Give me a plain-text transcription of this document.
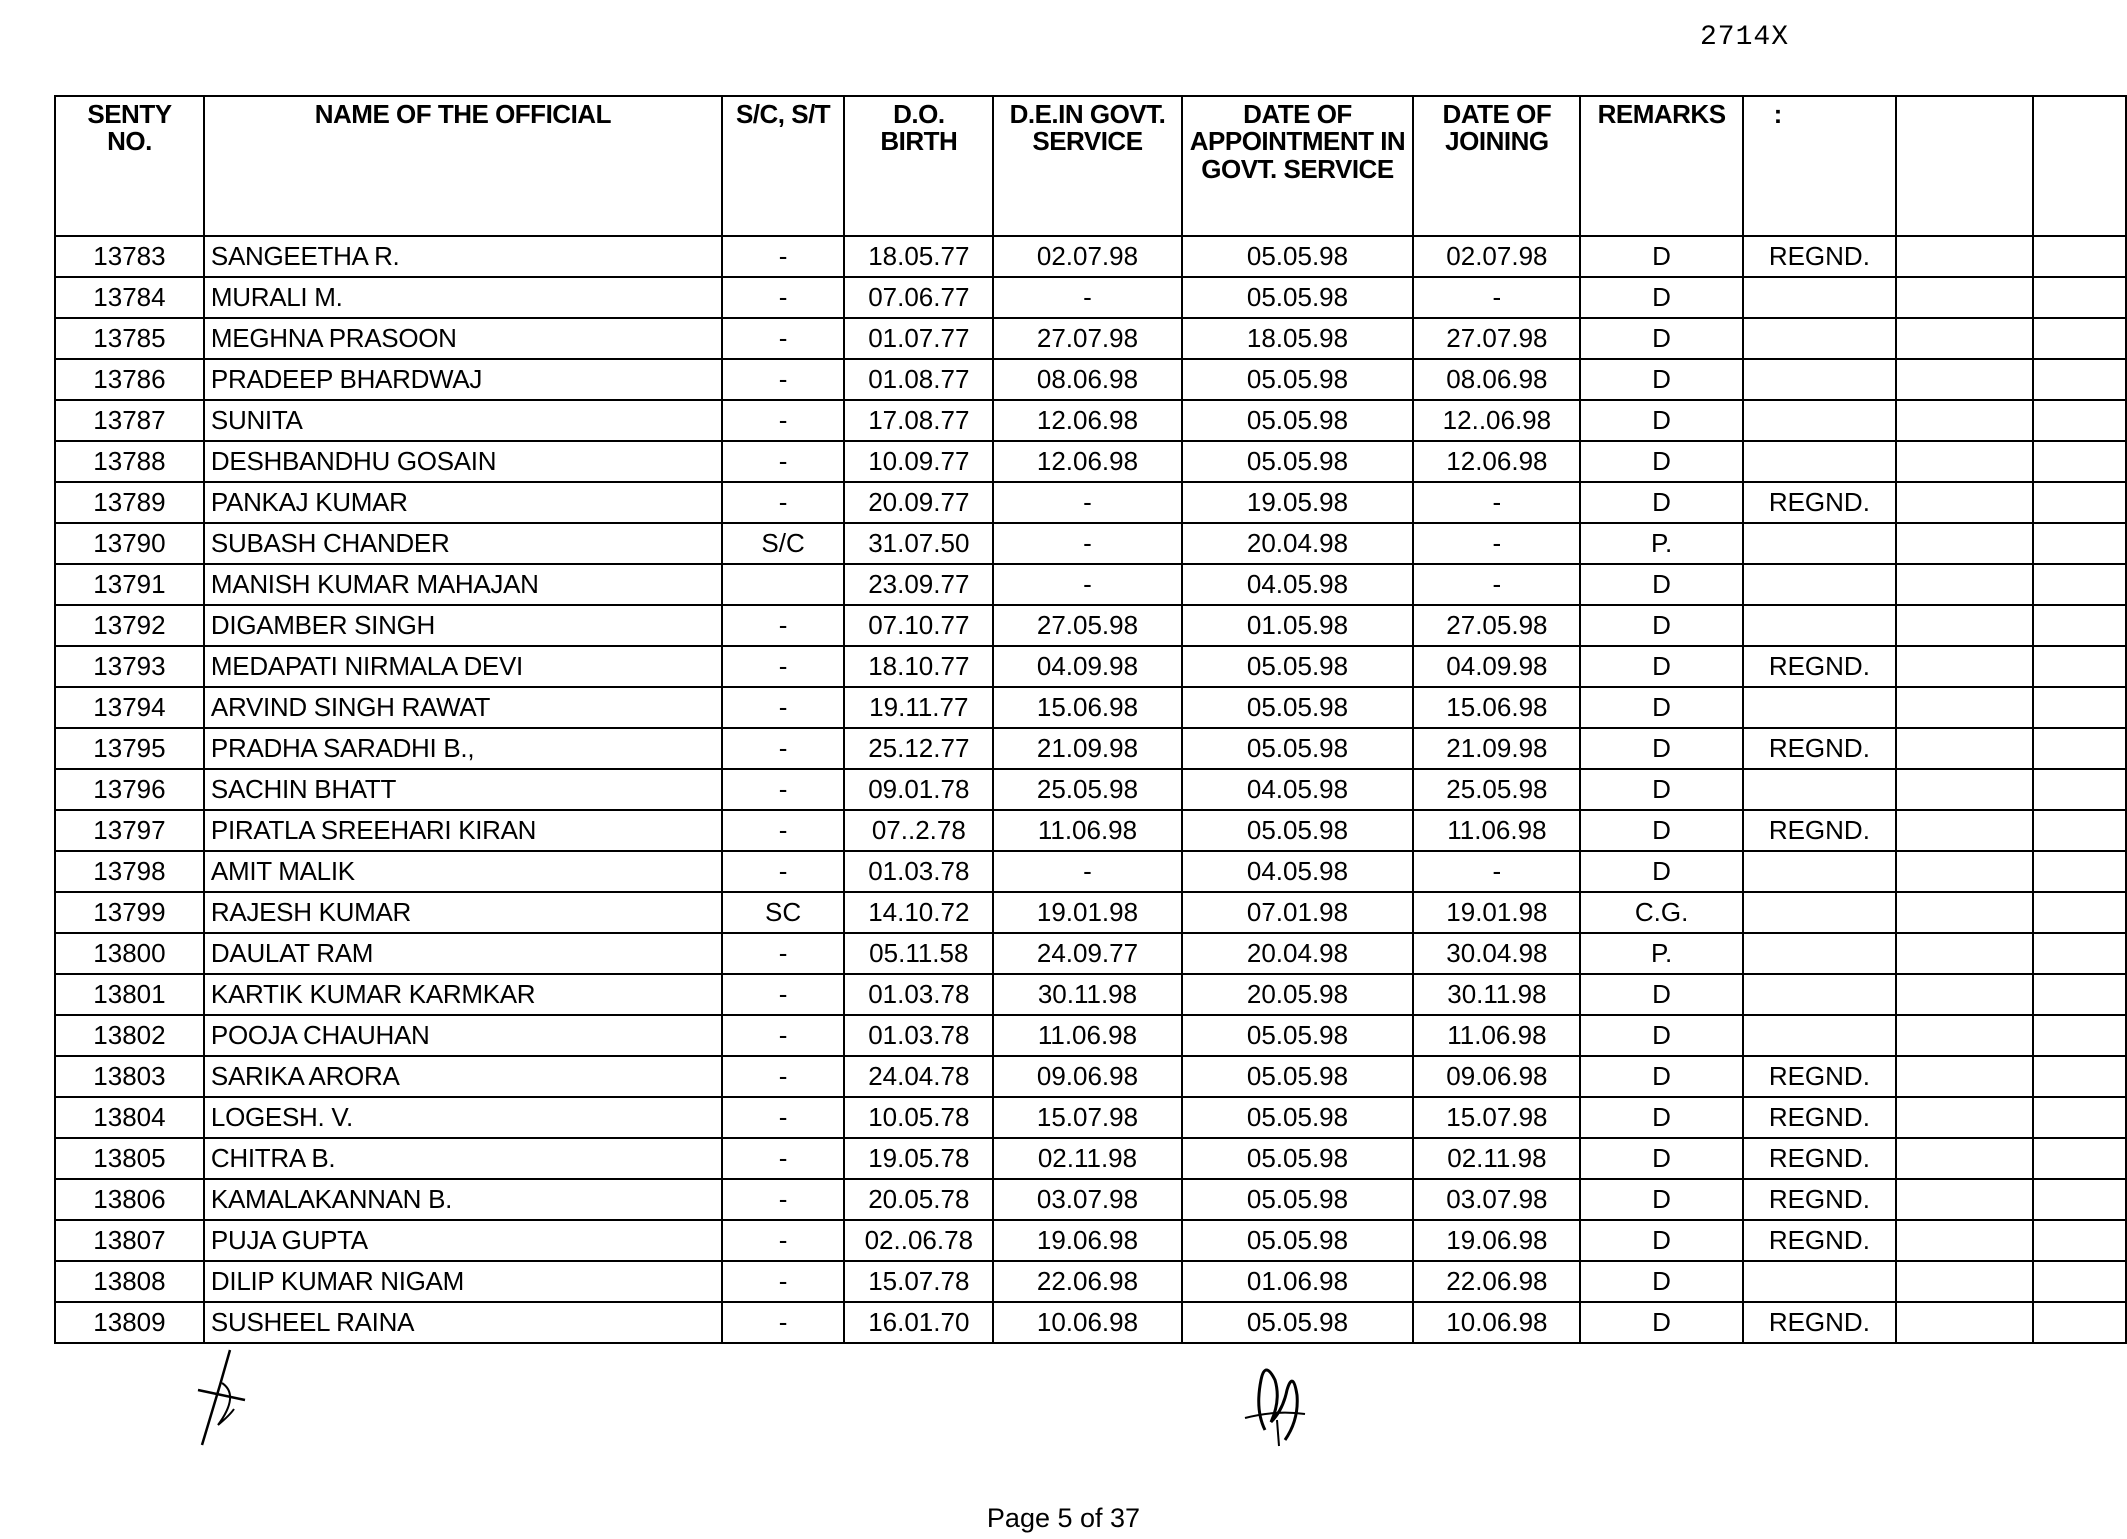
2714X
SENTY NO.	NAME OF THE OFFICIAL	S/C, S/T	D.O. BIRTH	D.E.IN GOVT. SERVICE	DATE OF APPOINTMENT IN GOVT. SERVICE	DATE OF JOINING	REMARKS	:		
13783	SANGEETHA R.	-	18.05.77	02.07.98	05.05.98	02.07.98	D	REGND.		
13784	MURALI M.	-	07.06.77	-	05.05.98	-	D			
13785	MEGHNA PRASOON	-	01.07.77	27.07.98	18.05.98	27.07.98	D			
13786	PRADEEP BHARDWAJ	-	01.08.77	08.06.98	05.05.98	08.06.98	D			
13787	SUNITA	-	17.08.77	12.06.98	05.05.98	12..06.98	D			
13788	DESHBANDHU GOSAIN	-	10.09.77	12.06.98	05.05.98	12.06.98	D			
13789	PANKAJ KUMAR	-	20.09.77	-	19.05.98	-	D	REGND.		
13790	SUBASH CHANDER	S/C	31.07.50	-	20.04.98	-	P.			
13791	MANISH KUMAR MAHAJAN		23.09.77	-	04.05.98	-	D			
13792	DIGAMBER SINGH	-	07.10.77	27.05.98	01.05.98	27.05.98	D			
13793	MEDAPATI NIRMALA DEVI	-	18.10.77	04.09.98	05.05.98	04.09.98	D	REGND.		
13794	ARVIND SINGH RAWAT	-	19.11.77	15.06.98	05.05.98	15.06.98	D			
13795	PRADHA SARADHI B.,	-	25.12.77	21.09.98	05.05.98	21.09.98	D	REGND.		
13796	SACHIN BHATT	-	09.01.78	25.05.98	04.05.98	25.05.98	D			
13797	PIRATLA SREEHARI KIRAN	-	07..2.78	11.06.98	05.05.98	11.06.98	D	REGND.		
13798	AMIT MALIK	-	01.03.78	-	04.05.98	-	D			
13799	RAJESH KUMAR	SC	14.10.72	19.01.98	07.01.98	19.01.98	C.G.			
13800	DAULAT RAM	-	05.11.58	24.09.77	20.04.98	30.04.98	P.			
13801	KARTIK KUMAR KARMKAR	-	01.03.78	30.11.98	20.05.98	30.11.98	D			
13802	POOJA CHAUHAN	-	01.03.78	11.06.98	05.05.98	11.06.98	D			
13803	SARIKA ARORA	-	24.04.78	09.06.98	05.05.98	09.06.98	D	REGND.		
13804	LOGESH. V.	-	10.05.78	15.07.98	05.05.98	15.07.98	D	REGND.		
13805	CHITRA B.	-	19.05.78	02.11.98	05.05.98	02.11.98	D	REGND.		
13806	KAMALAKANNAN B.	-	20.05.78	03.07.98	05.05.98	03.07.98	D	REGND.		
13807	PUJA GUPTA	-	02..06.78	19.06.98	05.05.98	19.06.98	D	REGND.		
13808	DILIP KUMAR NIGAM	-	15.07.78	22.06.98	01.06.98	22.06.98	D			
13809	SUSHEEL RAINA	-	16.01.70	10.06.98	05.05.98	10.06.98	D	REGND.		
Page 5 of 37
